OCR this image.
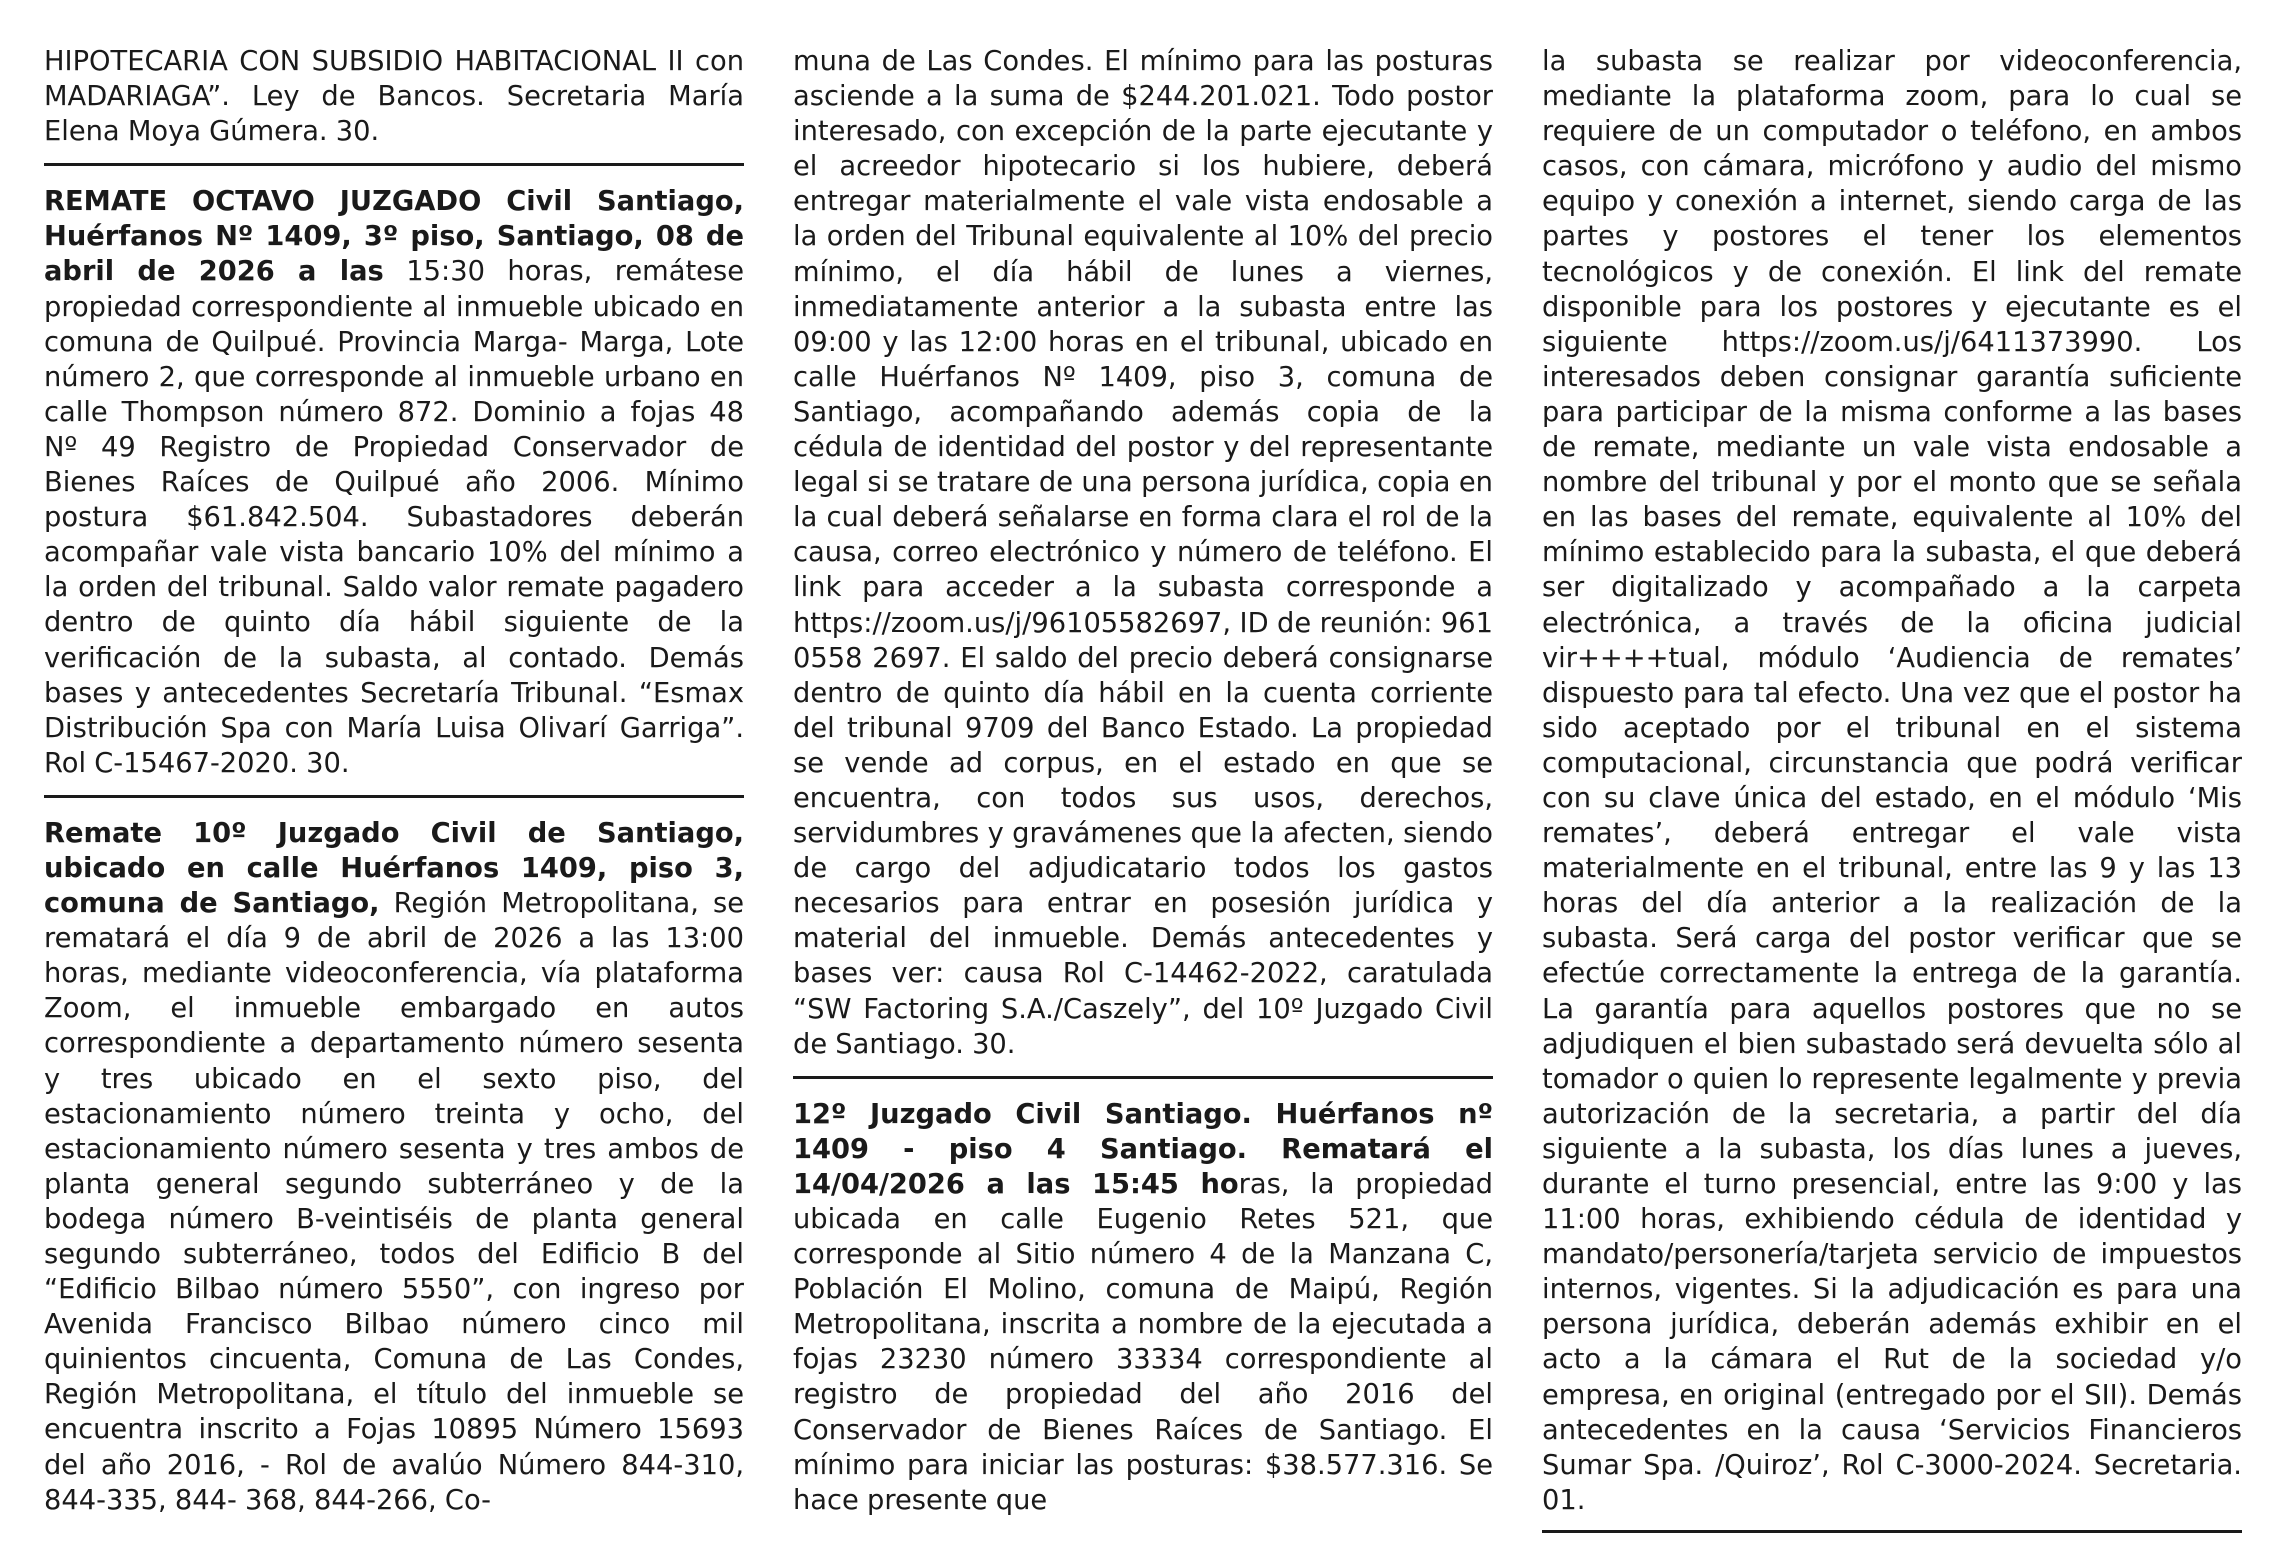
HIPOTECARIA CON SUBSIDIO HABITACIONAL II con MADARIAGA”. Ley de Bancos. Secretaria María Elena Moya Gúmera. 30.

REMATE OCTAVO JUZGADO Civil Santiago, Huérfanos Nº 1409, 3º piso, Santiago, 08 de abril de 2026 a las 15:30 horas, remátese propiedad correspondiente al inmueble ubicado en comuna de Quilpué. Provincia Marga- Marga, Lote número 2, que corresponde al inmueble urbano en calle Thompson número 872. Dominio a fojas 48 Nº 49 Registro de Propiedad Conservador de Bienes Raíces de Quilpué año 2006. Mínimo postura $61.842.504. Subastadores deberán acompañar vale vista bancario 10% del mínimo a la orden del tribunal. Saldo valor remate pagadero dentro de quinto día hábil siguiente de la verificación de la subasta, al contado. Demás bases y antecedentes Secretaría Tribunal. “Esmax Distribución Spa con María Luisa Olivarí Garriga”. Rol C-15467-2020. 30.

Remate 10º Juzgado Civil de Santiago, ubicado en calle Huérfanos 1409, piso 3, comuna de Santiago, Región Metropolitana, se rematará el día 9 de abril de 2026 a las 13:00 horas, mediante videoconferencia, vía plataforma Zoom, el inmueble embargado en autos correspondiente a departamento número sesenta y tres ubicado en el sexto piso, del estacionamiento número treinta y ocho, del estacionamiento número sesenta y tres ambos de planta general segundo subterráneo y de la bodega número B-veintiséis de planta general segundo subterráneo, todos del Edificio B del “Edificio Bilbao número 5550”, con ingreso por Avenida Francisco Bilbao número cinco mil quinientos cincuenta, Comuna de Las Condes, Región Metropolitana, el título del inmueble se encuentra inscrito a Fojas 10895 Número 15693 del año 2016, - Rol de avalúo Número 844-310, 844-335, 844- 368, 844-266, Co-

muna de Las Condes. El mínimo para las posturas asciende a la suma de $244.201.021. Todo postor interesado, con excepción de la parte ejecutante y el acreedor hipotecario si los hubiere, deberá entregar materialmente el vale vista endosable a la orden del Tribunal equivalente al 10% del precio mínimo, el día hábil de lunes a viernes, inmediatamente anterior a la subasta entre las 09:00 y las 12:00 horas en el tribunal, ubicado en calle Huérfanos Nº 1409, piso 3, comuna de Santiago, acompañando además copia de la cédula de identidad del postor y del representante legal si se tratare de una persona jurídica, copia en la cual deberá señalarse en forma clara el rol de la causa, correo electrónico y número de teléfono. El link para acceder a la subasta corresponde a https://zoom.us/j/96105582697, ID de reunión: 961 0558 2697. El saldo del precio deberá consignarse dentro de quinto día hábil en la cuenta corriente del tribunal 9709 del Banco Estado. La propiedad se vende ad corpus, en el estado en que se encuentra, con todos sus usos, derechos, servidumbres y gravámenes que la afecten, siendo de cargo del adjudicatario todos los gastos necesarios para entrar en posesión jurídica y material del inmueble. Demás antecedentes y bases ver: causa Rol C-14462-2022, caratulada “SW Factoring S.A./Caszely”, del 10º Juzgado Civil de Santiago. 30.

12º Juzgado Civil Santiago. Huérfanos nº 1409 - piso 4 Santiago. Rematará el 14/04/2026 a las 15:45 horas, la propiedad ubicada en calle Eugenio Retes 521, que corresponde al Sitio número 4 de la Manzana C, Población El Molino, comuna de Maipú, Región Metropolitana, inscrita a nombre de la ejecutada a fojas 23230 número 33334 correspondiente al registro de propiedad del año 2016 del Conservador de Bienes Raíces de Santiago. El mínimo para iniciar las posturas: $38.577.316. Se hace presente que

la subasta se realizar por videoconferencia, mediante la plataforma zoom, para lo cual se requiere de un computador o teléfono, en ambos casos, con cámara, micrófono y audio del mismo equipo y conexión a internet, siendo carga de las partes y postores el tener los elementos tecnológicos y de conexión. El link del remate disponible para los postores y ejecutante es el siguiente https://zoom.us/j/6411373990. Los interesados deben consignar garantía suficiente para participar de la misma conforme a las bases de remate, mediante un vale vista endosable a nombre del tribunal y por el monto que se señala en las bases del remate, equivalente al 10% del mínimo establecido para la subasta, el que deberá ser digitalizado y acompañado a la carpeta electrónica, a través de la oficina judicial vir++++tual, módulo ‘Audiencia de remates’ dispuesto para tal efecto. Una vez que el postor ha sido aceptado por el tribunal en el sistema computacional, circunstancia que podrá verificar con su clave única del estado, en el módulo ‘Mis remates’, deberá entregar el vale vista materialmente en el tribunal, entre las 9 y las 13 horas del día anterior a la realización de la subasta. Será carga del postor verificar que se efectúe correctamente la entrega de la garantía. La garantía para aquellos postores que no se adjudiquen el bien subastado será devuelta sólo al tomador o quien lo represente legalmente y previa autorización de la secretaria, a partir del día siguiente a la subasta, los días lunes a jueves, durante el turno presencial, entre las 9:00 y las 11:00 horas, exhibiendo cédula de identidad y mandato/personería/tarjeta servicio de impuestos internos, vigentes. Si la adjudicación es para una persona jurídica, deberán además exhibir en el acto a la cámara el Rut de la sociedad y/o empresa, en original (entregado por el SII). Demás antecedentes en la causa ‘Servicios Financieros Sumar Spa. /Quiroz’, Rol C-3000-2024. Secretaria. 01.
